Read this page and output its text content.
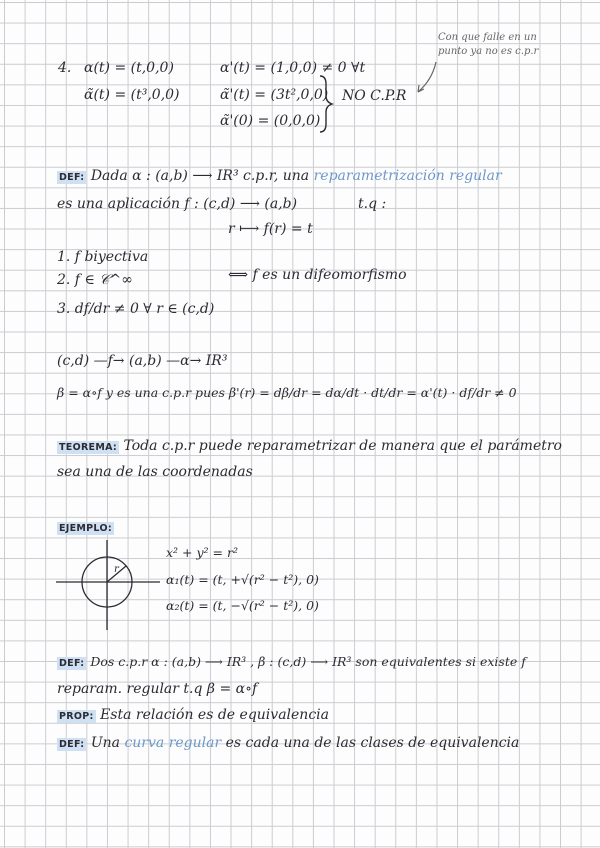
Con que falle en un
punto ya no es c.p.r
4. α(t) = (t,0,0)
α̃(t) = (t³,0,0)
α'(t) = (1,0,0) ≠ 0 ∀t
α̃'(t) = (3t²,0,0)
α̃'(0) = (0,0,0)
NO C.P.R
DEF: Dada α : (a,b) ⟶ IR³ c.p.r, una reparametrización regular
es una aplicación f : (c,d) ⟶ (a,b)	t.q :
r ⟼ f(r) = t
1. f biyectiva
2. f ∈ 𝒞^∞	⟺ f es un difeomorfismo
3. df/dr ≠ 0 ∀ r ∈ (c,d)
(c,d) —f→ (a,b) —α→ IR³
β = α∘f y es una c.p.r pues β'(r) = dβ/dr = dα/dt · dt/dr = α'(t) · df/dr ≠ 0
TEOREMA: Toda c.p.r puede reparametrizar de manera que el parámetro
sea una de las coordenadas
EJEMPLO:
r
x² + y² = r²
α₁(t) = (t, +√(r² − t²), 0)
α₂(t) = (t, −√(r² − t²), 0)
DEF: Dos c.p.r α : (a,b) ⟶ IR³ , β : (c,d) ⟶ IR³ son equivalentes si existe f
reparam. regular t.q β = α∘f
PROP: Esta relación es de equivalencia
DEF: Una curva regular es cada una de las clases de equivalencia
